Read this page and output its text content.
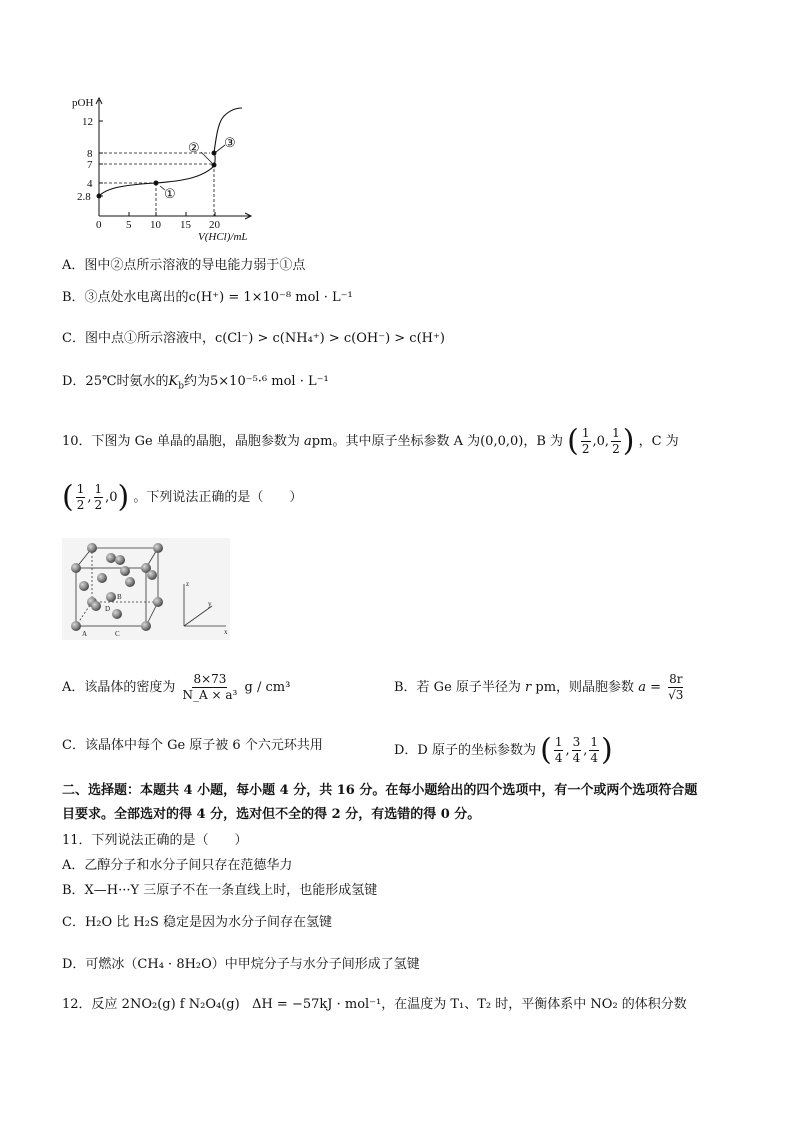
pOH
12
8
7
4
2.8
0 5 10 15 20
V(HCl)/mL
①
② ③
A．图中②点所示溶液的导电能力弱于①点
B．③点处水电离出的c(H⁺) = 1×10⁻⁸ mol · L⁻¹
C．图中点①所示溶液中，c(Cl⁻) > c(NH₄⁺) > c(OH⁻) > c(H⁺)
D．25℃时氨水的$K_b$约为5×10⁻⁵·⁶ mol · L⁻¹
10．下图为 Ge 单晶的晶胞，晶胞参数为 apm。其中原子坐标参数 A 为(0,0,0)，B 为 ( $\frac{1}{2} ,0$, $\frac{1}{2}$ ) ，C 为
( $\frac{1}{2}$ , $\frac{1}{2} ,0$) 。下列说法正确的是（　　）
B
D
A	C
z
y
x
A．该晶体的密度为 $\frac{8\times 73}{\text{N\_A × a³}}$ g / cm³	B．若 Ge 原子半径为 r pm，则晶胞参数 $a = \frac{8r}{√3}$
C．该晶体中每个 Ge 原子被 6 个六元环共用	D．D 原子的坐标参数为 ( $\frac{1}{4}$ , $\frac{3}{4}$ , $\frac{1}{4}$ )
二、选择题：本题共 4 小题，每小题 4 分，共 16 分。在每小题给出的四个选项中，有一个或两个选项符合题
目要求。全部选对的得 4 分，选对但不全的得 2 分，有选错的得 0 分。
11．下列说法正确的是（　　）
A．乙醇分子和水分子间只存在范德华力
B．X—H···Y 三原子不在一条直线上时，也能形成氢键
C．H₂O 比 H₂S 稳定是因为水分子间存在氢键
D．可燃冰（CH₄ · 8H₂O）中甲烷分子与水分子间形成了氢键
12．反应 2NO₂(g) f N₂O₄(g) ΔH = −57kJ · mol⁻¹，在温度为 T₁、T₂ 时，平衡体系中 NO₂ 的体积分数
